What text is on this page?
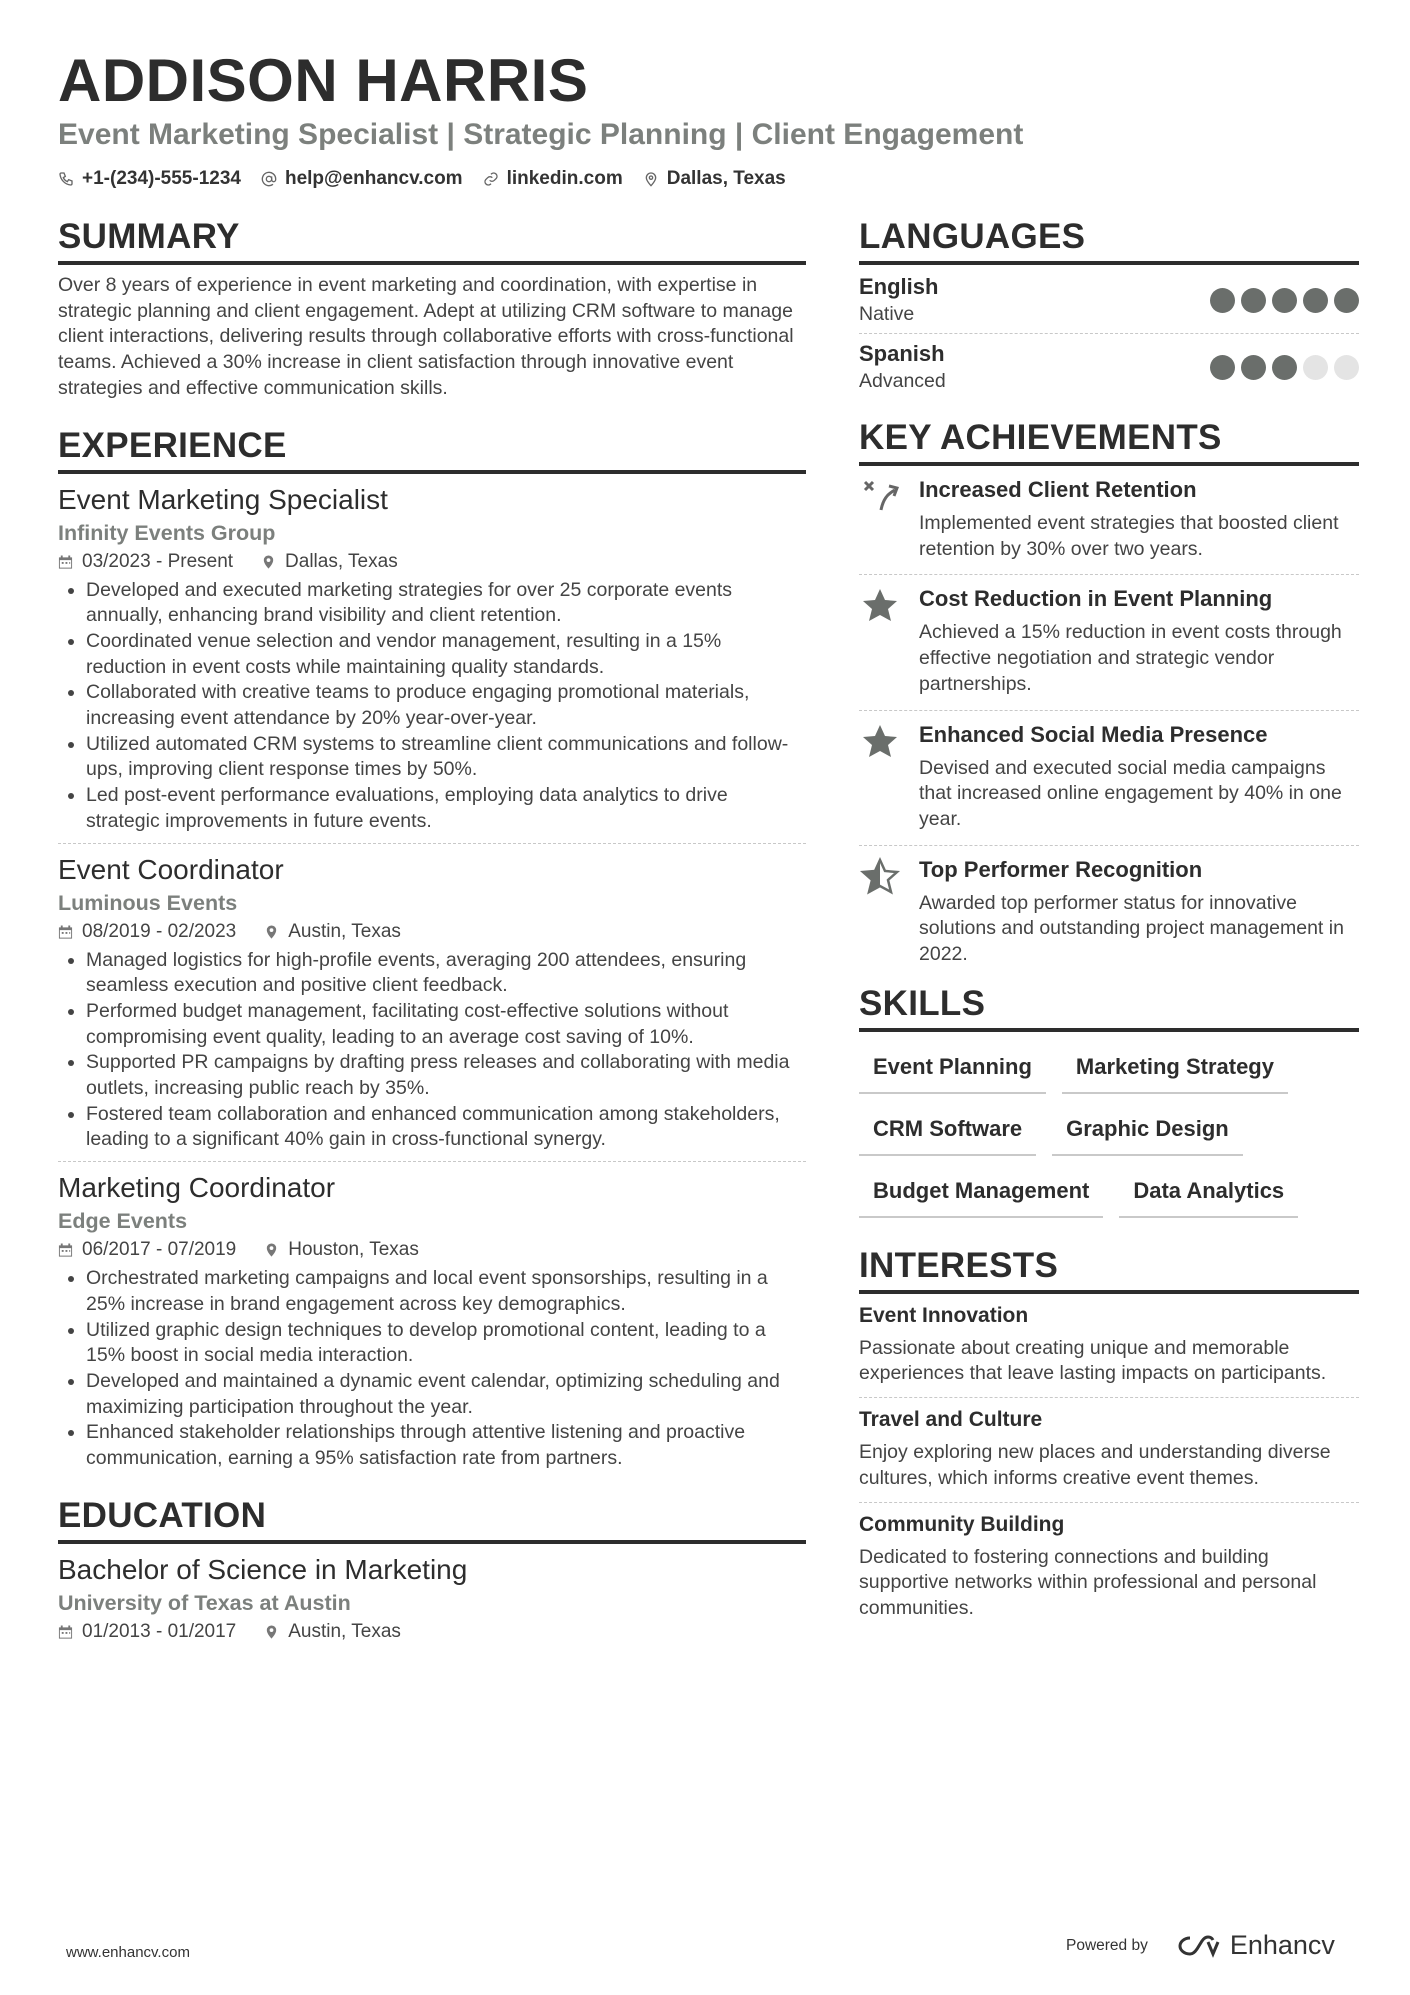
ADDISON HARRIS
Event Marketing Specialist | Strategic Planning | Client Engagement
+1-(234)-555-1234 help@enhancv.com linkedin.com Dallas, Texas
SUMMARY

Over 8 years of experience in event marketing and coordination, with expertise in strategic planning and client engagement. Adept at utilizing CRM software to manage client interactions, delivering results through collaborative efforts with cross-functional teams. Achieved a 30% increase in client satisfaction through innovative event strategies and effective communication skills.

EXPERIENCE
Event Marketing Specialist
Infinity Events Group
03/2023 - Present	Dallas, Texas
• Developed and executed marketing strategies for over 25 corporate events annually, enhancing brand visibility and client retention.
• Coordinated venue selection and vendor management, resulting in a 15% reduction in event costs while maintaining quality standards.
• Collaborated with creative teams to produce engaging promotional materials, increasing event attendance by 20% year-over-year.
• Utilized automated CRM systems to streamline client communications and follow-ups, improving client response times by 50%.
• Led post-event performance evaluations, employing data analytics to drive strategic improvements in future events.
Event Coordinator
Luminous Events
08/2019 - 02/2023	Austin, Texas
• Managed logistics for high-profile events, averaging 200 attendees, ensuring seamless execution and positive client feedback.
• Performed budget management, facilitating cost-effective solutions without compromising event quality, leading to an average cost saving of 10%.
• Supported PR campaigns by drafting press releases and collaborating with media outlets, increasing public reach by 35%.
• Fostered team collaboration and enhanced communication among stakeholders, leading to a significant 40% gain in cross-functional synergy.
Marketing Coordinator
Edge Events
06/2017 - 07/2019	Houston, Texas
• Orchestrated marketing campaigns and local event sponsorships, resulting in a 25% increase in brand engagement across key demographics.
• Utilized graphic design techniques to develop promotional content, leading to a 15% boost in social media interaction.
• Developed and maintained a dynamic event calendar, optimizing scheduling and maximizing participation throughout the year.
• Enhanced stakeholder relationships through attentive listening and proactive communication, earning a 95% satisfaction rate from partners.
EDUCATION
Bachelor of Science in Marketing
University of Texas at Austin
01/2013 - 01/2017	Austin, Texas
LANGUAGES
English
Native
Spanish
Advanced
KEY ACHIEVEMENTS
Increased Client Retention
Implemented event strategies that boosted client retention by 30% over two years.
Cost Reduction in Event Planning
Achieved a 15% reduction in event costs through effective negotiation and strategic vendor partnerships.
Enhanced Social Media Presence
Devised and executed social media campaigns that increased online engagement by 40% in one year.
Top Performer Recognition
Awarded top performer status for innovative solutions and outstanding project management in 2022.
SKILLS
Event Planning	Marketing Strategy
CRM Software	Graphic Design
Budget Management	Data Analytics
INTERESTS
Event Innovation
Passionate about creating unique and memorable experiences that leave lasting impacts on participants.
Travel and Culture
Enjoy exploring new places and understanding diverse cultures, which informs creative event themes.
Community Building
Dedicated to fostering connections and building supportive networks within professional and personal communities.
www.enhancv.com	Powered by	Enhancv
